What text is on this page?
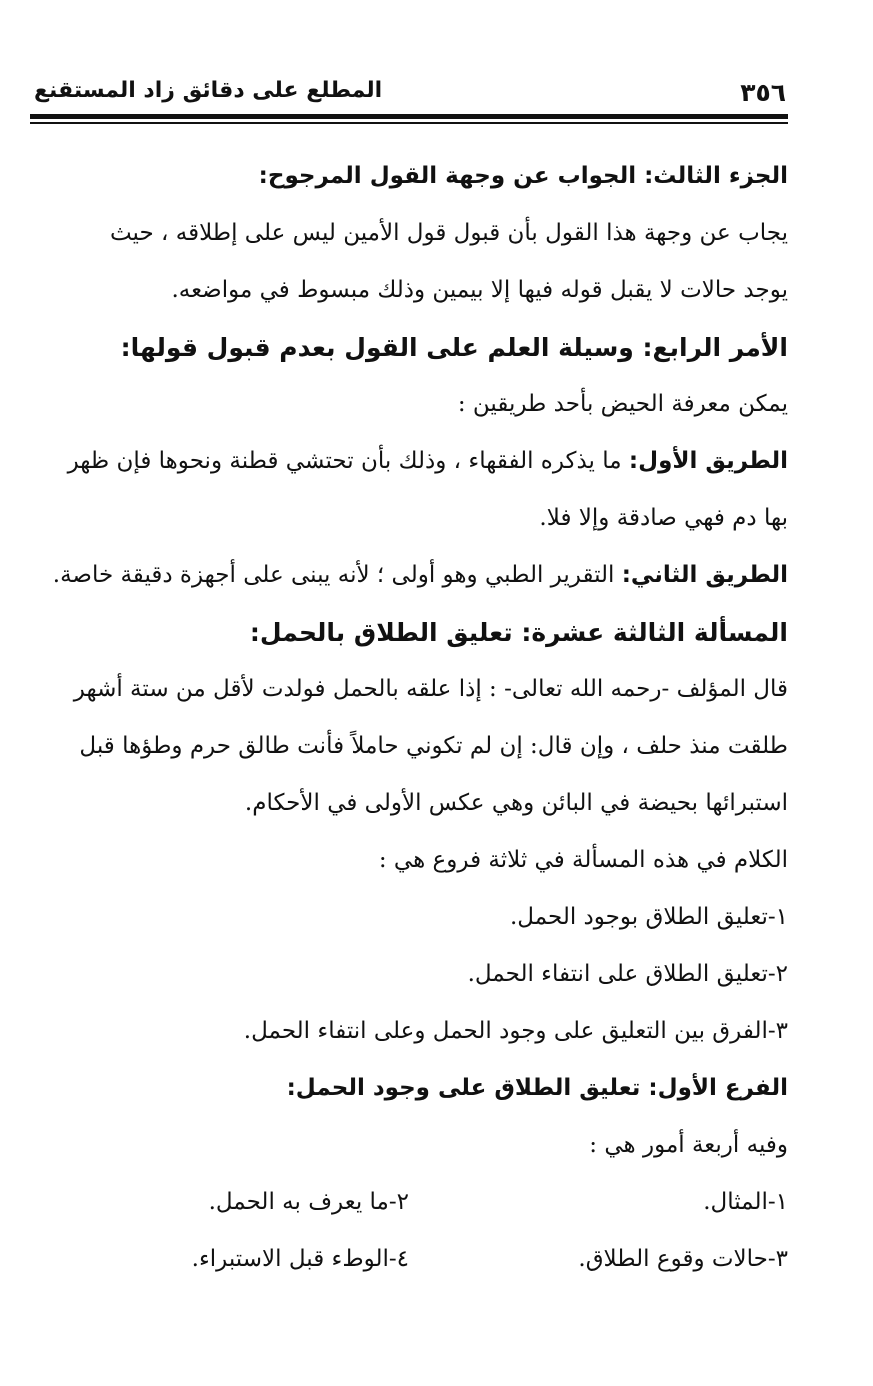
٣٥٦
المطلع على دقائق زاد المستقنع
الجزء الثالث: الجواب عن وجهة القول المرجوح:
يجاب عن وجهة هذا القول بأن قبول قول الأمين ليس على إطلاقه ، حيث
يوجد حالات لا يقبل قوله فيها إلا بيمين وذلك مبسوط في مواضعه.
الأمر الرابع: وسيلة العلم على القول بعدم قبول قولها:
يمكن معرفة الحيض بأحد طريقين :
الطريق الأول: ما يذكره الفقهاء ، وذلك بأن تحتشي قطنة ونحوها فإن ظهر
بها دم فهي صادقة وإلا فلا.
الطريق الثاني: التقرير الطبي وهو أولى ؛ لأنه يبنى على أجهزة دقيقة خاصة.
المسألة الثالثة عشرة: تعليق الطلاق بالحمل:
قال المؤلف -رحمه الله تعالى- : إذا علقه بالحمل فولدت لأقل من ستة أشهر
طلقت منذ حلف ، وإن قال: إن لم تكوني حاملاً فأنت طالق حرم وطؤها قبل
استبرائها بحيضة في البائن وهي عكس الأولى في الأحكام.
الكلام في هذه المسألة في ثلاثة فروع هي :
١-تعليق الطلاق بوجود الحمل.
٢-تعليق الطلاق على انتفاء الحمل.
٣-الفرق بين التعليق على وجود الحمل وعلى انتفاء الحمل.
الفرع الأول: تعليق الطلاق على وجود الحمل:
وفيه أربعة أمور هي :
١-المثال.
٢-ما يعرف به الحمل.
٣-حالات وقوع الطلاق.
٤-الوطء قبل الاستبراء.
